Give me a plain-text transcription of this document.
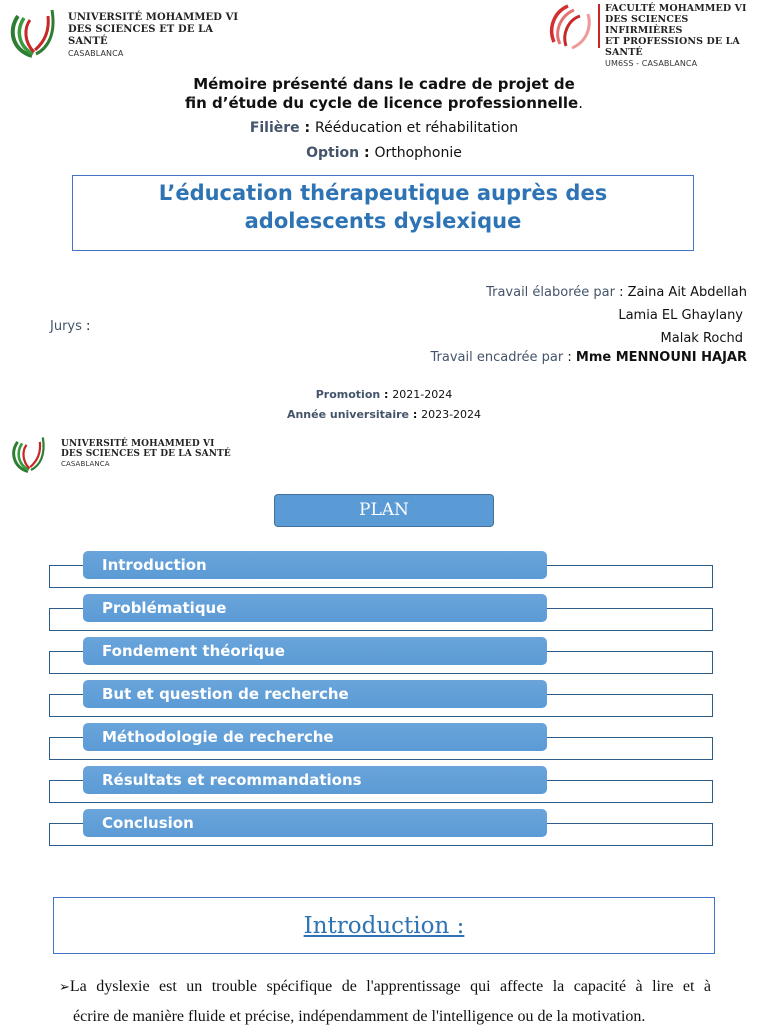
UNIVERSITÉ MOHAMMED VI
DES SCIENCES ET DE LA SANTÉ
CASABLANCA
FACULTÉ MOHAMMED VI
DES SCIENCES INFIRMIÈRES
ET PROFESSIONS DE LA SANTÉ
UM6SS - CASABLANCA
Mémoire présenté dans le cadre de projet de
fin d’étude du cycle de licence professionnelle.
Filière : Rééducation et réhabilitation
Option : Orthophonie
L’éducation thérapeutique auprès des
adolescents dyslexique
Travail élaborée par : Zaina Ait Abdellah
Lamia EL Ghaylany
Malak Rochd
Jurys :
Travail encadrée par : Mme MENNOUNI HAJAR
Promotion : 2021-2024
Année universitaire : 2023-2024
UNIVERSITÉ MOHAMMED VI
DES SCIENCES ET DE LA SANTÉ
CASABLANCA
PLAN
Introduction
Problématique
Fondement théorique
But et question de recherche
Méthodologie de recherche
Résultats et recommandations
Conclusion
Introduction :
➢La dyslexie est un trouble spécifique de l'apprentissage qui affecte la capacité à lire et à
écrire de manière fluide et précise, indépendamment de l'intelligence ou de la motivation.
